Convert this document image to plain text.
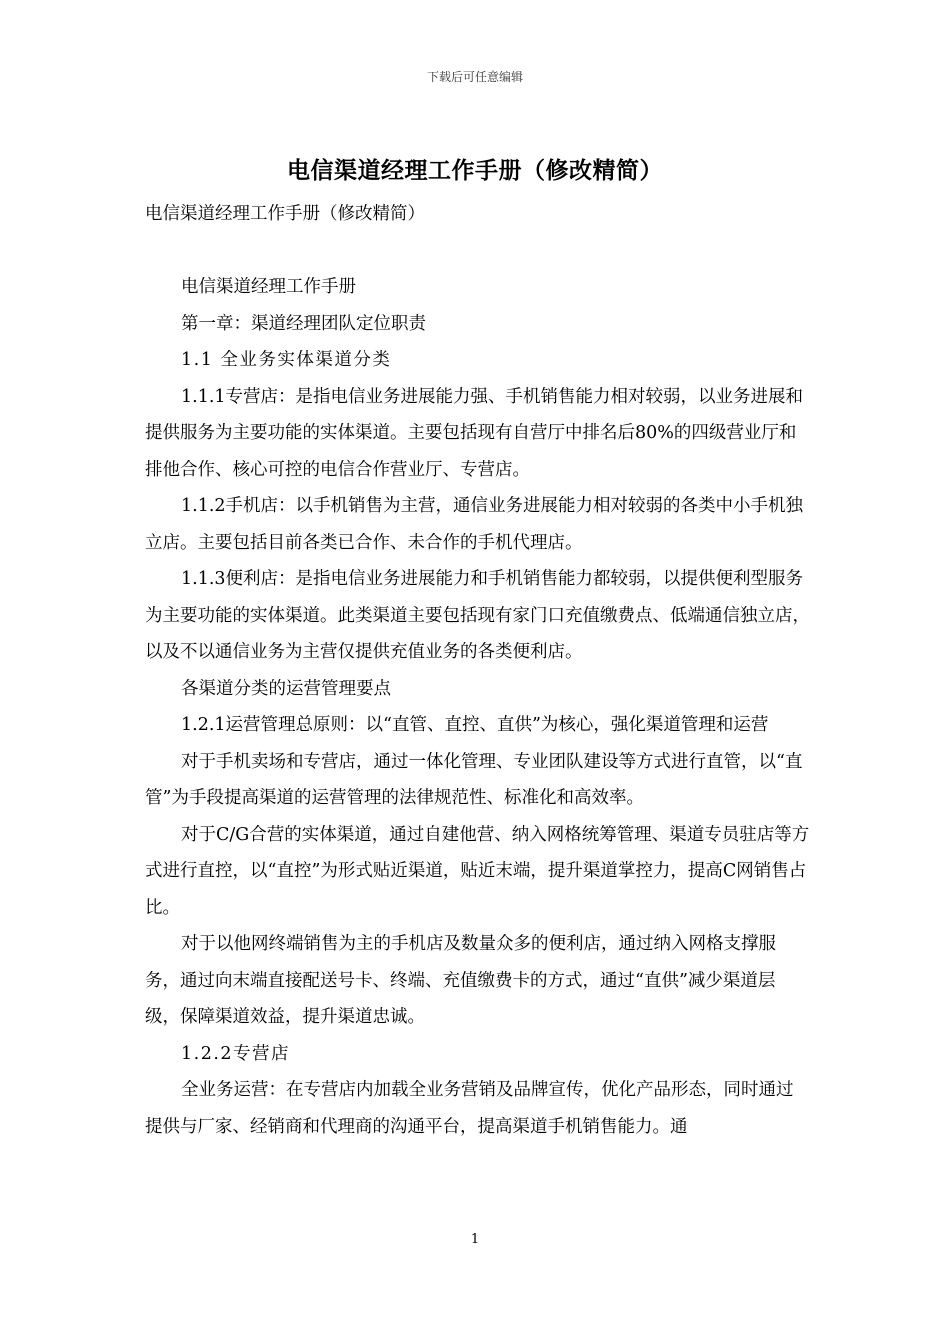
下载后可任意编辑
电信渠道经理工作手册（修改精简）

电信渠道经理工作手册（修改精简）

电信渠道经理工作手册

第一章：渠道经理团队定位职责

1.1 全业务实体渠道分类

1.1.1专营店：是指电信业务进展能力强、手机销售能力相对较弱，以业务进展和提供服务为主要功能的实体渠道。主要包括现有自营厅中排名后80%的四级营业厅和排他合作、核心可控的电信合作营业厅、专营店。

1.1.2手机店：以手机销售为主营，通信业务进展能力相对较弱的各类中小手机独立店。主要包括目前各类已合作、未合作的手机代理店。

1.1.3便利店：是指电信业务进展能力和手机销售能力都较弱，以提供便利型服务为主要功能的实体渠道。此类渠道主要包括现有家门口充值缴费点、低端通信独立店，以及不以通信业务为主营仅提供充值业务的各类便利店。

各渠道分类的运营管理要点

1.2.1运营管理总原则：以“直管、直控、直供”为核心，强化渠道管理和运营

对于手机卖场和专营店，通过一体化管理、专业团队建设等方式进行直管，以“直管”为手段提高渠道的运营管理的法律规范性、标准化和高效率。

对于C/G合营的实体渠道，通过自建他营、纳入网格统筹管理、渠道专员驻店等方式进行直控，以“直控”为形式贴近渠道，贴近末端，提升渠道掌控力，提高C网销售占比。

对于以他网终端销售为主的手机店及数量众多的便利店，通过纳入网格支撑服务，通过向末端直接配送号卡、终端、充值缴费卡的方式，通过“直供”减少渠道层级，保障渠道效益，提升渠道忠诚。

1.2.2专营店

全业务运营：在专营店内加载全业务营销及品牌宣传，优化产品形态，同时通过提供与厂家、经销商和代理商的沟通平台，提高渠道手机销售能力。通

1
